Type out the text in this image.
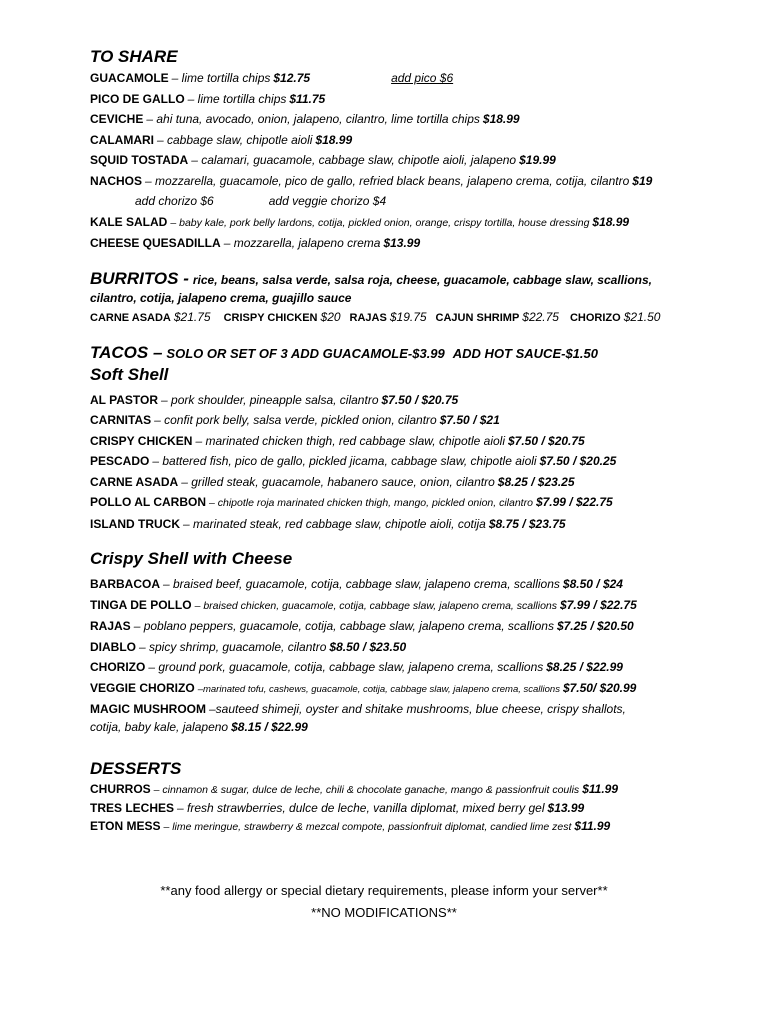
TO SHARE
GUACAMOLE – lime tortilla chips $12.75	add pico $6
PICO DE GALLO – lime tortilla chips $11.75
CEVICHE – ahi tuna, avocado, onion, jalapeno, cilantro, lime tortilla chips $18.99
CALAMARI – cabbage slaw, chipotle aioli $18.99
SQUID TOSTADA – calamari, guacamole, cabbage slaw, chipotle aioli, jalapeno $19.99
NACHOS – mozzarella, guacamole, pico de gallo, refried black beans, jalapeno crema, cotija, cilantro $19
add chorizo $6	add veggie chorizo $4
KALE SALAD – baby kale, pork belly lardons, cotija, pickled onion, orange, crispy tortilla, house dressing $18.99
CHEESE QUESADILLA – mozzarella, jalapeno crema $13.99
BURRITOS - rice, beans, salsa verde, salsa roja, cheese, guacamole, cabbage slaw, scallions,
cilantro, cotija, jalapeno crema, guajillo sauce
CARNE ASADA $21.75 CRISPY CHICKEN $20 RAJAS $19.75 CAJUN SHRIMP $22.75 CHORIZO $21.50
TACOS – SOLO OR SET OF 3 ADD GUACAMOLE-$3.99 ADD HOT SAUCE-$1.50
Soft Shell
AL PASTOR – pork shoulder, pineapple salsa, cilantro $7.50 / $20.75
CARNITAS – confit pork belly, salsa verde, pickled onion, cilantro $7.50 / $21
CRISPY CHICKEN – marinated chicken thigh, red cabbage slaw, chipotle aioli $7.50 / $20.75
PESCADO – battered fish, pico de gallo, pickled jicama, cabbage slaw, chipotle aioli $7.50 / $20.25
CARNE ASADA – grilled steak, guacamole, habanero sauce, onion, cilantro $8.25 / $23.25
POLLO AL CARBON – chipotle roja marinated chicken thigh, mango, pickled onion, cilantro $7.99 / $22.75
ISLAND TRUCK – marinated steak, red cabbage slaw, chipotle aioli, cotija $8.75 / $23.75
Crispy Shell with Cheese
BARBACOA – braised beef, guacamole, cotija, cabbage slaw, jalapeno crema, scallions $8.50 / $24
TINGA DE POLLO – braised chicken, guacamole, cotija, cabbage slaw, jalapeno crema, scallions $7.99 / $22.75
RAJAS – poblano peppers, guacamole, cotija, cabbage slaw, jalapeno crema, scallions $7.25 / $20.50
DIABLO – spicy shrimp, guacamole, cilantro $8.50 / $23.50
CHORIZO – ground pork, guacamole, cotija, cabbage slaw, jalapeno crema, scallions $8.25 / $22.99
VEGGIE CHORIZO –marinated tofu, cashews, guacamole, cotija, cabbage slaw, jalapeno crema, scallions $7.50/ $20.99
MAGIC MUSHROOM –sauteed shimeji, oyster and shitake mushrooms, blue cheese, crispy shallots, cotija, baby kale, jalapeno $8.15 / $22.99
DESSERTS
CHURROS – cinnamon & sugar, dulce de leche, chili & chocolate ganache, mango & passionfruit coulis $11.99
TRES LECHES – fresh strawberries, dulce de leche, vanilla diplomat, mixed berry gel $13.99
ETON MESS – lime meringue, strawberry & mezcal compote, passionfruit diplomat, candied lime zest $11.99
**any food allergy or special dietary requirements, please inform your server**
**NO MODIFICATIONS**
